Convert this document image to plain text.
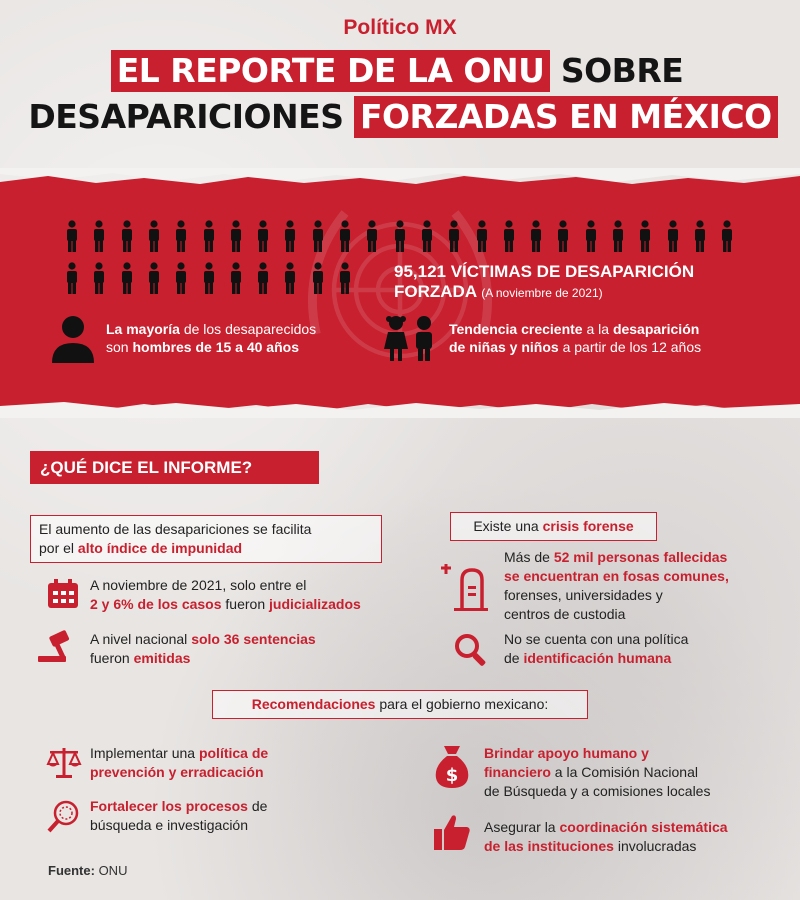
Político MX
EL REPORTE DE LA ONU SOBRE
DESAPARICIONES FORZADAS EN MÉXICO
95,121 VÍCTIMAS DE DESAPARICIÓN
FORZADA (A noviembre de 2021)
La mayoría de los desaparecidos
son hombres de 15 a 40 años
Tendencia creciente a la desaparición
de niñas y niños a partir de los 12 años
¿QUÉ DICE EL INFORME?
El aumento de las desapariciones se facilita
por el alto índice de impunidad
A noviembre de 2021, solo entre el
2 y 6% de los casos fueron judicializados
A nivel nacional solo 36 sentencias
fueron emitidas
Existe una crisis forense
Más de 52 mil personas fallecidas
se encuentran en fosas comunes,
forenses, universidades y
centros de custodia
No se cuenta con una política
de identificación humana
Recomendaciones para el gobierno mexicano:
Implementar una política de
prevención y erradicación
Fortalecer los procesos de
búsqueda e investigación
$
Brindar apoyo humano y
financiero a la Comisión Nacional
de Búsqueda y a comisiones locales
Asegurar la coordinación sistemática
de las instituciones involucradas
Fuente: ONU
